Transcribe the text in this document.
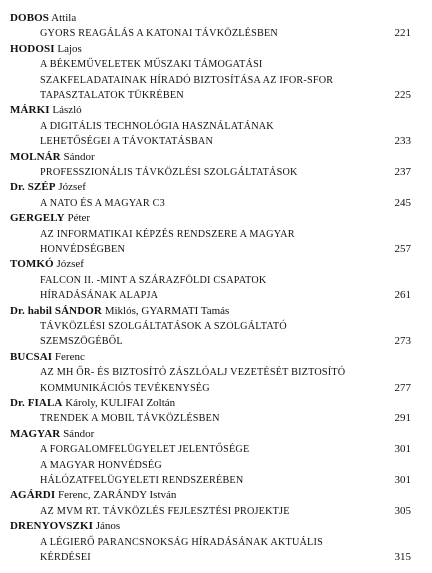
DOBOS Attila
GYORS REAGÁLÁS A KATONAI TÁVKÖZLÉSBEN	221
HODOSI Lajos
A BÉKEMŰVELETEK MŰSZAKI TÁMOGATÁSI
SZAKFELADATAINAK HÍRADÓ BIZTOSÍTÁSA AZ IFOR-SFOR
TAPASZTALATOK TÜKRÉBEN	225
MÁRKI László
A DIGITÁLIS TECHNOLÓGIA HASZNÁLATÁNAK
LEHETŐSÉGEI A TÁVOKTATÁSBAN	233
MOLNÁR Sándor
PROFESSZIONÁLIS TÁVKÖZLÉSI SZOLGÁLTATÁSOK	237
Dr. SZÉP József
A NATO ÉS A MAGYAR C3	245
GERGELY Péter
AZ INFORMATIKAI KÉPZÉS RENDSZERE A MAGYAR
HONVÉDSÉGBEN	257
TOMKÓ József
FALCON II. -MINT A SZÁRAZFÖLDI CSAPATOK
HÍRADÁSÁNAK ALAPJA	261
Dr. habil SÁNDOR Miklós, GYARMATI Tamás
TÁVKÖZLÉSI SZOLGÁLTATÁSOK A SZOLGÁLTATÓ
SZEMSZÖGÉBŐL	273
BUCSAI Ferenc
AZ MH ŐR- ÉS BIZTOSÍTÓ ZÁSZLÓALJ VEZETÉSÉT BIZTOSÍTÓ
KOMMUNIKÁCIÓS TEVÉKENYSÉG	277
Dr. FIALA Károly, KULIFAI Zoltán
TRENDEK A MOBIL TÁVKÖZLÉSBEN	291
MAGYAR Sándor
A FORGALOMFELÜGYELET JELENTŐSÉGE	301
A MAGYAR HONVÉDSÉG
HÁLÓZATFELÜGYELETI RENDSZERÉBEN	301
AGÁRDI Ferenc, ZARÁNDY István
AZ MVM RT. TÁVKÖZLÉS FEJLESZTÉSI PROJEKTJE	305
DRENYOVSZKI János
A LÉGIERŐ PARANCSNOKSÁG HÍRADÁSÁNAK AKTUÁLIS
KÉRDÉSEI	315
